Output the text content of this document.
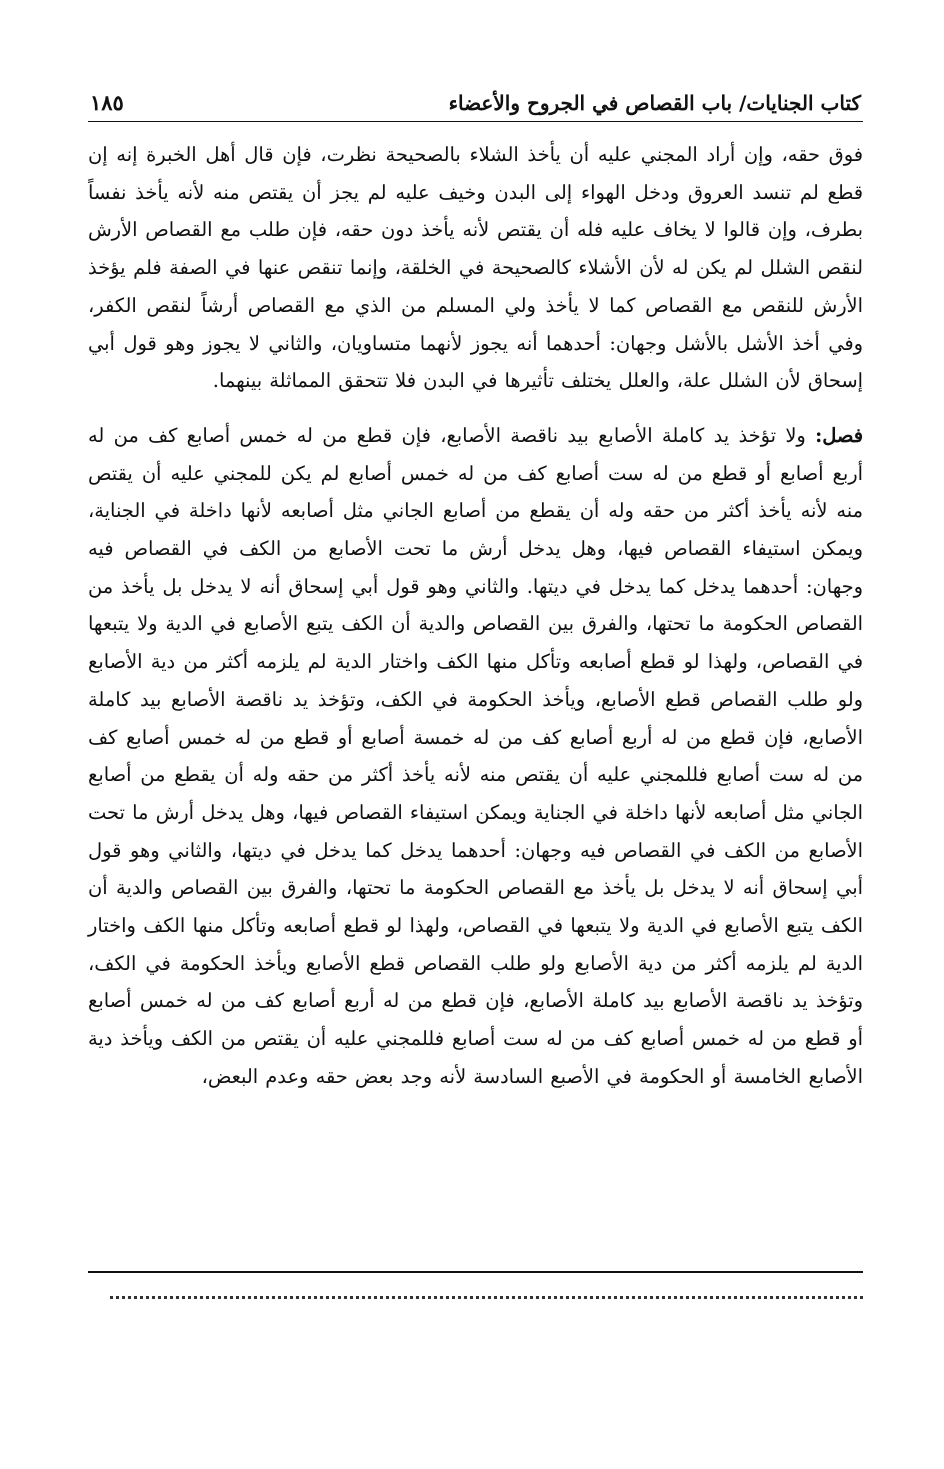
كتاب الجنايات/ باب القصاص في الجروح والأعضاء
١٨٥

فوق حقه، وإن أراد المجني عليه أن يأخذ الشلاء بالصحيحة نظرت، فإن قال أهل الخبرة إنه إن قطع لم تنسد العروق ودخل الهواء إلى البدن وخيف عليه لم يجز أن يقتص منه لأنه يأخذ نفساً بطرف، وإن قالوا لا يخاف عليه فله أن يقتص لأنه يأخذ دون حقه، فإن طلب مع القصاص الأرش لنقص الشلل لم يكن له لأن الأشلاء كالصحيحة في الخلقة، وإنما تنقص عنها في الصفة فلم يؤخذ الأرش للنقص مع القصاص كما لا يأخذ ولي المسلم من الذي مع القصاص أرشاً لنقص الكفر، وفي أخذ الأشل بالأشل وجهان: أحدهما أنه يجوز لأنهما متساويان، والثاني لا يجوز وهو قول أبي إسحاق لأن الشلل علة، والعلل يختلف تأثيرها في البدن فلا تتحقق المماثلة بينهما.

فصل: ولا تؤخذ يد كاملة الأصابع بيد ناقصة الأصابع، فإن قطع من له خمس أصابع كف من له أربع أصابع أو قطع من له ست أصابع كف من له خمس أصابع لم يكن للمجني عليه أن يقتص منه لأنه يأخذ أكثر من حقه وله أن يقطع من أصابع الجاني مثل أصابعه لأنها داخلة في الجناية، ويمكن استيفاء القصاص فيها، وهل يدخل أرش ما تحت الأصابع من الكف في القصاص فيه وجهان: أحدهما يدخل كما يدخل في ديتها. والثاني وهو قول أبي إسحاق أنه لا يدخل بل يأخذ من القصاص الحكومة ما تحتها، والفرق بين القصاص والدية أن الكف يتبع الأصابع في الدية ولا يتبعها في القصاص، ولهذا لو قطع أصابعه وتأكل منها الكف واختار الدية لم يلزمه أكثر من دية الأصابع ولو طلب القصاص قطع الأصابع، ويأخذ الحكومة في الكف، وتؤخذ يد ناقصة الأصابع بيد كاملة الأصابع، فإن قطع من له أربع أصابع كف من له خمسة أصابع أو قطع من له خمس أصابع كف من له ست أصابع فللمجني عليه أن يقتص منه لأنه يأخذ أكثر من حقه وله أن يقطع من أصابع الجاني مثل أصابعه لأنها داخلة في الجناية ويمكن استيفاء القصاص فيها، وهل يدخل أرش ما تحت الأصابع من الكف في القصاص فيه وجهان: أحدهما يدخل كما يدخل في ديتها، والثاني وهو قول أبي إسحاق أنه لا يدخل بل يأخذ مع القصاص الحكومة ما تحتها، والفرق بين القصاص والدية أن الكف يتبع الأصابع في الدية ولا يتبعها في القصاص، ولهذا لو قطع أصابعه وتأكل منها الكف واختار الدية لم يلزمه أكثر من دية الأصابع ولو طلب القصاص قطع الأصابع ويأخذ الحكومة في الكف، وتؤخذ يد ناقصة الأصابع بيد كاملة الأصابع، فإن قطع من له أربع أصابع كف من له خمس أصابع أو قطع من له خمس أصابع كف من له ست أصابع فللمجني عليه أن يقتص من الكف ويأخذ دية الأصابع الخامسة أو الحكومة في الأصبع السادسة لأنه وجد بعض حقه وعدم البعض،
